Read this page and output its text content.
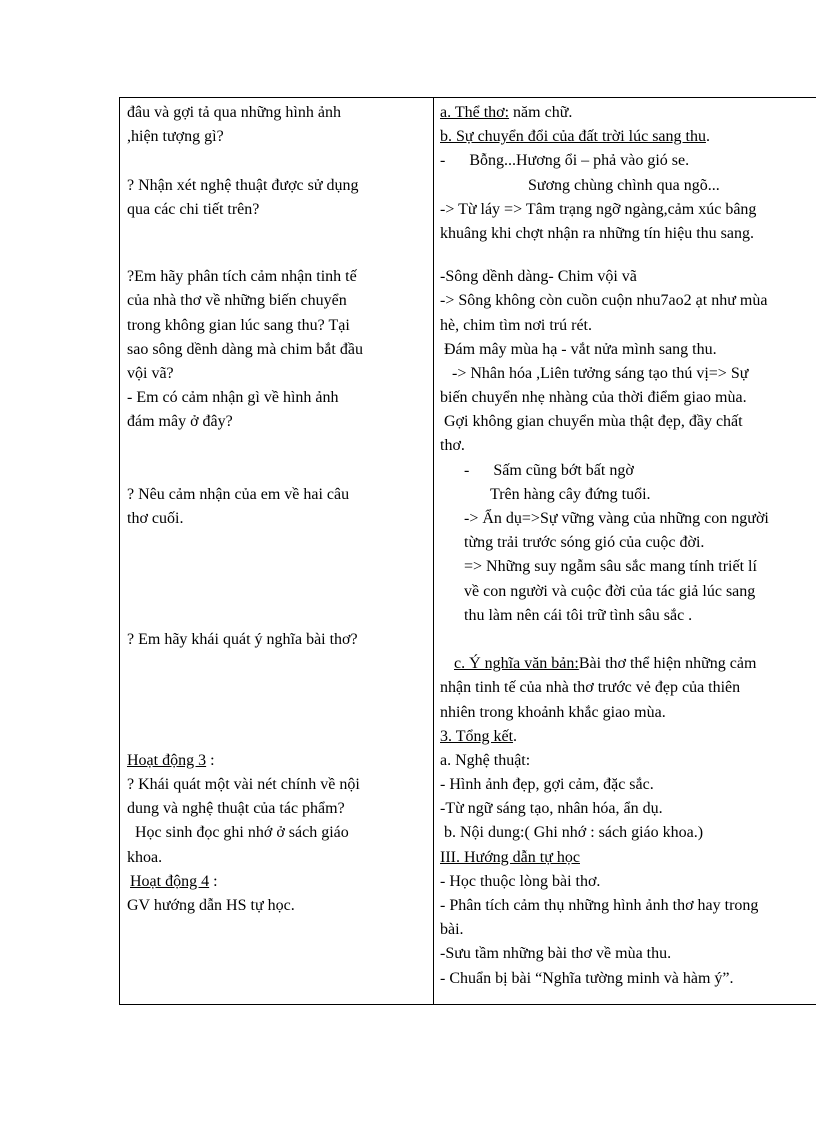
đâu và gợi tả qua những hình ảnh
,hiện tượng gì?
? Nhận xét nghệ thuật được sử dụng
qua các chi tiết trên?
?Em hãy phân tích cảm nhận tinh tế
của nhà thơ về những biến chuyển
trong không gian lúc sang thu? Tại
sao sông dềnh dàng mà chim bắt đầu
vội vã?
- Em có cảm nhận gì về hình ảnh
đám mây ở đây?
? Nêu cảm nhận của em về hai câu
thơ cuối.
? Em hãy khái quát ý nghĩa bài thơ?
Hoạt động 3 :
? Khái quát một vài nét chính về nội
dung và nghệ thuật của tác phẩm?
Học sinh đọc ghi nhớ ở sách giáo
khoa.
Hoạt động 4 :
GV hướng dẫn HS tự học.
a. Thể thơ: năm chữ.
b. Sự chuyển đổi của đất trời lúc sang thu.
-      Bỗng...Hương ổi – phả vào gió se.
Sương chùng chình qua ngõ...
-> Từ láy => Tâm trạng ngỡ ngàng,cảm xúc bâng
khuâng khi chợt nhận ra những tín hiệu thu sang.
-Sông dềnh dàng- Chim vội vã
-> Sông không còn cuồn cuộn nhu7ao2 ạt như mùa
hè, chim tìm nơi trú rét.
Đám mây mùa hạ - vắt nửa mình sang thu.
-> Nhân hóa ,Liên tưởng sáng tạo thú vị=> Sự
biến chuyển nhẹ nhàng của thời điểm giao mùa.
Gợi không gian chuyển mùa thật đẹp, đầy chất
thơ.
-      Sấm cũng bớt bất ngờ
Trên hàng cây đứng tuổi.
-> Ẩn dụ=>Sự vững vàng của những con người
từng trải trước sóng gió của cuộc đời.
=> Những suy ngẫm sâu sắc mang tính triết lí
về con người và cuộc đời của tác giả lúc sang
thu làm nên cái tôi trữ tình sâu sắc .
c. Ý nghĩa văn bản:Bài thơ thể hiện những cảm
nhận tinh tế của nhà thơ trước vẻ đẹp của thiên
nhiên trong khoảnh khắc giao mùa.
3. Tổng kết.
a. Nghệ thuật:
- Hình ảnh đẹp, gợi cảm, đặc sắc.
-Từ ngữ sáng tạo, nhân hóa, ẩn dụ.
b. Nội dung:( Ghi nhớ : sách giáo khoa.)
III. Hướng dẫn tự học
- Học thuộc lòng bài thơ.
- Phân tích cảm thụ những hình ảnh thơ hay trong
bài.
-Sưu tầm những bài thơ về mùa thu.
- Chuẩn bị bài “Nghĩa tường minh và hàm ý”.
